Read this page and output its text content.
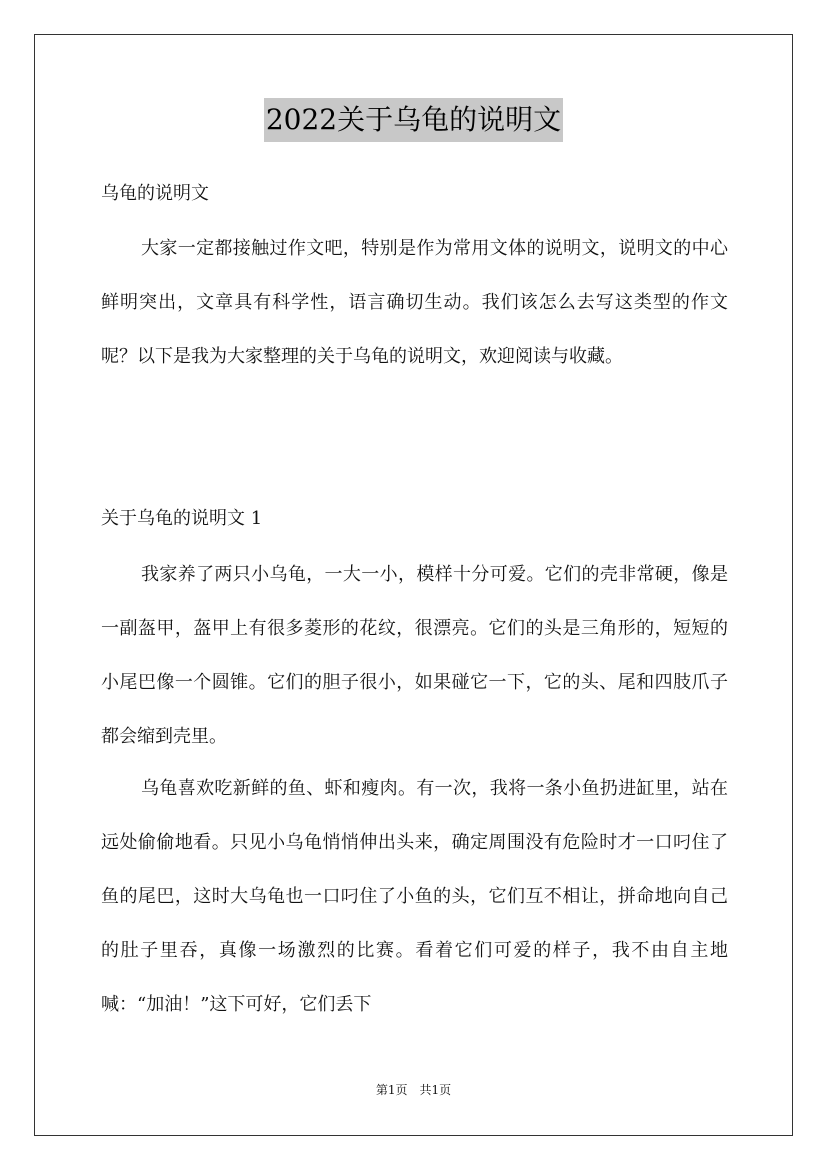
2022关于乌龟的说明文
乌龟的说明文

大家一定都接触过作文吧，特别是作为常用文体的说明文，说明文的中心鲜明突出，文章具有科学性，语言确切生动。我们该怎么去写这类型的作文呢？以下是我为大家整理的关于乌龟的说明文，欢迎阅读与收藏。

关于乌龟的说明文 1

我家养了两只小乌龟，一大一小，模样十分可爱。它们的壳非常硬，像是一副盔甲，盔甲上有很多菱形的花纹，很漂亮。它们的头是三角形的，短短的小尾巴像一个圆锥。它们的胆子很小，如果碰它一下，它的头、尾和四肢爪子都会缩到壳里。

乌龟喜欢吃新鲜的鱼、虾和瘦肉。有一次，我将一条小鱼扔进缸里，站在远处偷偷地看。只见小乌龟悄悄伸出头来，确定周围没有危险时才一口叼住了鱼的尾巴，这时大乌龟也一口叼住了小鱼的头，它们互不相让，拼命地向自己的肚子里吞，真像一场激烈的比赛。看着它们可爱的样子，我不由自主地喊：“加油！”这下可好，它们丢下

第1页　共1页
